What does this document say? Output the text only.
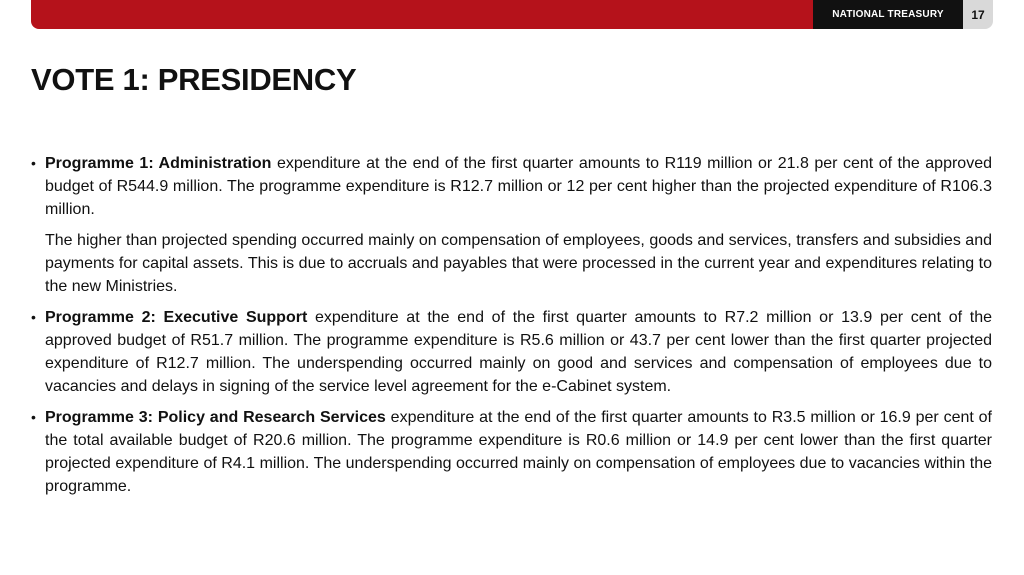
NATIONAL TREASURY	17
VOTE 1: PRESIDENCY

• Programme 1: Administration expenditure at the end of the first quarter amounts to R119 million or 21.8 per cent of the approved budget of R544.9 million. The programme expenditure is R12.7 million or 12 per cent higher than the projected expenditure of R106.3 million.

The higher than projected spending occurred mainly on compensation of employees, goods and services, transfers and subsidies and payments for capital assets. This is due to accruals and payables that were processed in the current year and expenditures relating to the new Ministries.

• Programme 2: Executive Support expenditure at the end of the first quarter amounts to R7.2 million or 13.9 per cent of the approved budget of R51.7 million. The programme expenditure is R5.6 million or 43.7 per cent lower than the first quarter projected expenditure of R12.7 million. The underspending occurred mainly on good and services and compensation of employees due to vacancies and delays in signing of the service level agreement for the e-Cabinet system.

• Programme 3: Policy and Research Services expenditure at the end of the first quarter amounts to R3.5 million or 16.9 per cent of the total available budget of R20.6 million. The programme expenditure is R0.6 million or 14.9 per cent lower than the first quarter projected expenditure of R4.1 million. The underspending occurred mainly on compensation of employees due to vacancies within the programme.
